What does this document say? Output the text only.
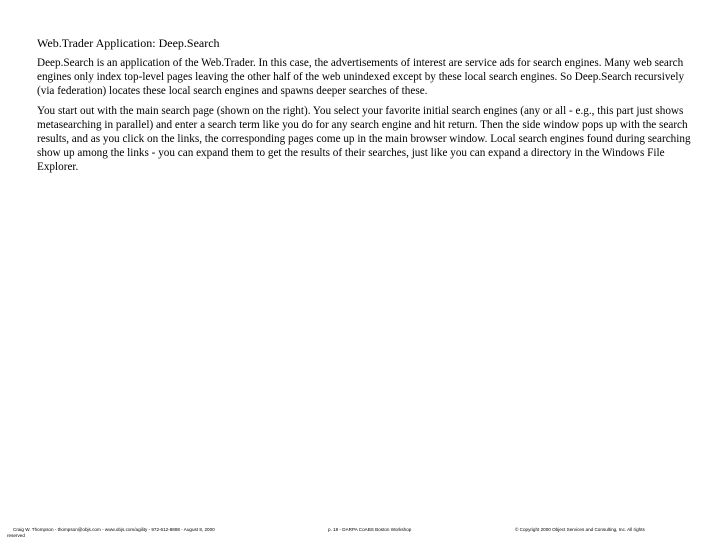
Web.Trader Application: Deep.Search

Deep.Search is an application of the Web.Trader. In this case, the advertisements of interest are service ads for search engines. Many web search engines only index top-level pages leaving the other half of the web unindexed except by these local search engines. So Deep.Search recursively (via federation) locates these local search engines and spawns deeper searches of these.

You start out with the main search page (shown on the right). You select your favorite initial search engines (any or all - e.g., this part just shows metasearching in parallel) and enter a search term like you do for any search engine and hit return. Then the side window pops up with the search results, and as you click on the links, the corresponding pages come up in the main browser window. Local search engines found during searching show up among the links - you can expand them to get the results of their searches, just like you can expand a directory in the Windows File Explorer.

Craig W. Thompson - thompson@objs.com - www.objs.com/agility - 972-612-8888 - August 8, 2000
reserved
p. 18 - DARPA CoABS Boston Workshop	© Copyright 2000 Object Services and Consulting, Inc. All rights
